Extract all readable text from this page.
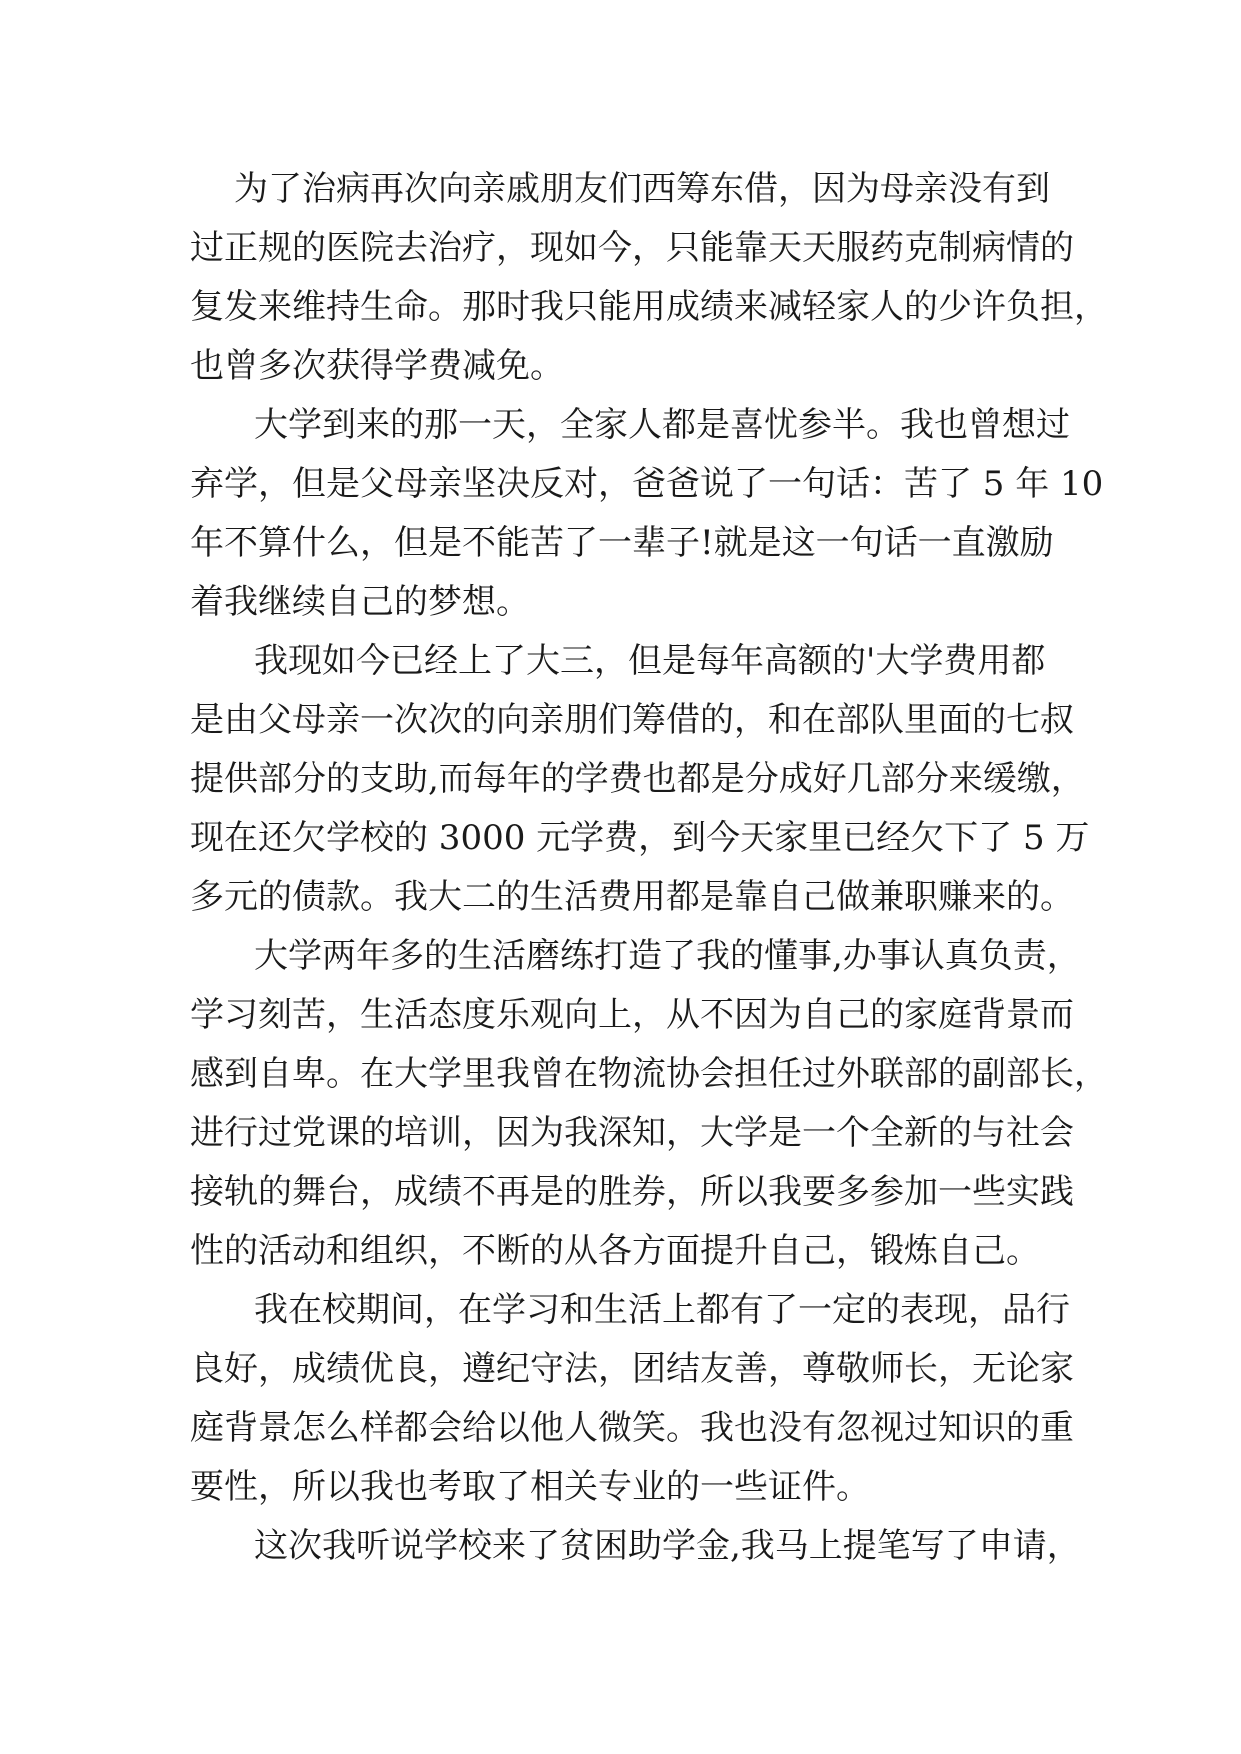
为了治病再次向亲戚朋友们西筹东借，因为母亲没有到
过正规的医院去治疗，现如今，只能靠天天服药克制病情的
复发来维持生命。那时我只能用成绩来减轻家人的少许负担，
也曾多次获得学费减免。
大学到来的那一天，全家人都是喜忧参半。我也曾想过
弃学，但是父母亲坚决反对，爸爸说了一句话：苦了 5 年 10
年不算什么，但是不能苦了一辈子!就是这一句话一直激励
着我继续自己的梦想。
我现如今已经上了大三，但是每年高额的'大学费用都
是由父母亲一次次的向亲朋们筹借的，和在部队里面的七叔
提供部分的支助,而每年的学费也都是分成好几部分来缓缴，
现在还欠学校的 3000 元学费，到今天家里已经欠下了 5 万
多元的债款。我大二的生活费用都是靠自己做兼职赚来的。
大学两年多的生活磨练打造了我的懂事,办事认真负责，
学习刻苦，生活态度乐观向上，从不因为自己的家庭背景而
感到自卑。在大学里我曾在物流协会担任过外联部的副部长，
进行过党课的培训，因为我深知，大学是一个全新的与社会
接轨的舞台，成绩不再是的胜券，所以我要多参加一些实践
性的活动和组织，不断的从各方面提升自己，锻炼自己。
我在校期间，在学习和生活上都有了一定的表现，品行
良好，成绩优良，遵纪守法，团结友善，尊敬师长，无论家
庭背景怎么样都会给以他人微笑。我也没有忽视过知识的重
要性，所以我也考取了相关专业的一些证件。
这次我听说学校来了贫困助学金,我马上提笔写了申请，
